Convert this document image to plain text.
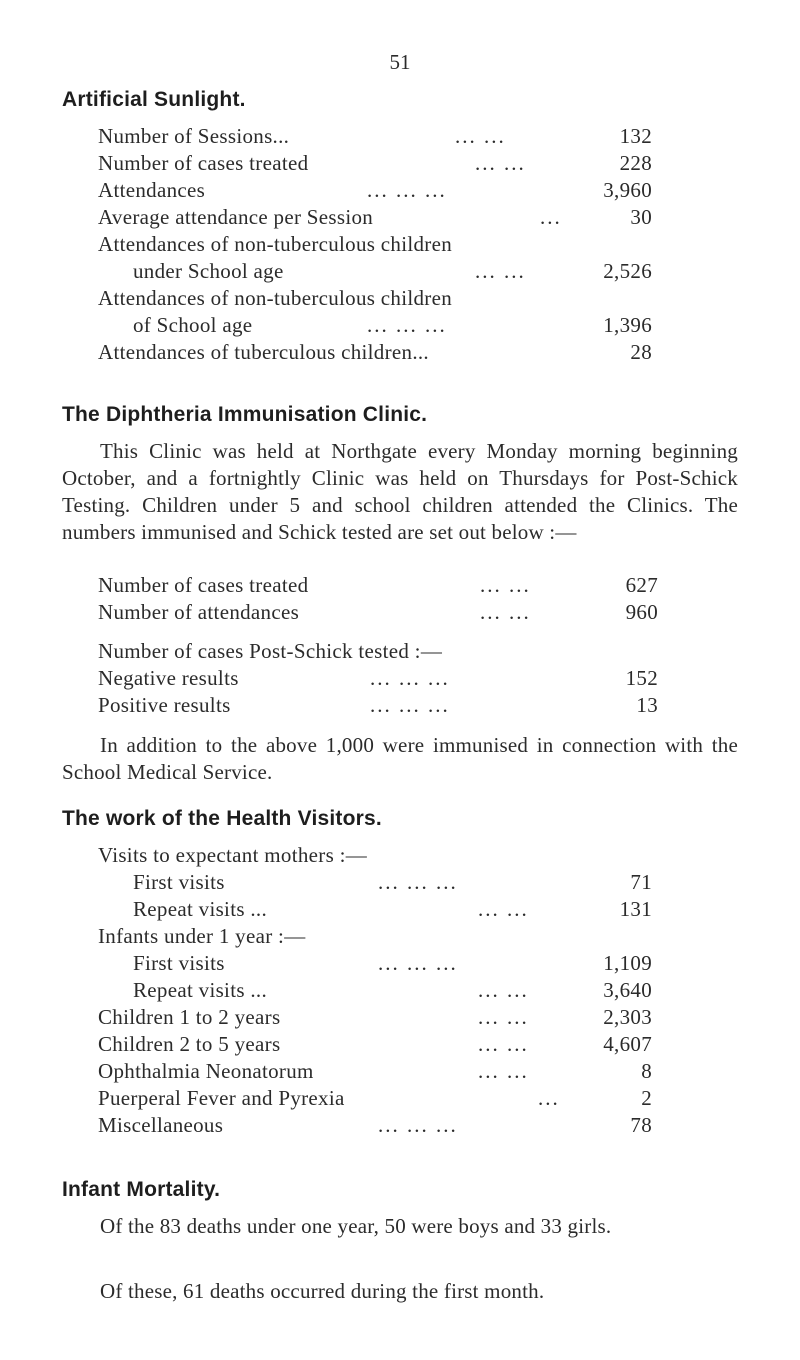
51
Artificial Sunlight.
Number of Sessions...	... ...	132
Number of cases treated	... ...	228
Attendances	... ... ...	3,960
Average attendance per Session	...	30
Attendances of non-tuberculous children
under School age	... ...	2,526
Attendances of non-tuberculous children
of School age	... ... ...	1,396
Attendances of tuberculous children...	28
The Diphtheria Immunisation Clinic.
This Clinic was held at Northgate every Monday morning beginning October, and a fortnightly Clinic was held on Thursdays for Post-Schick Testing. Children under 5 and school children attended the Clinics. The numbers immunised and Schick tested are set out below :—
Number of cases treated	... ...	627
Number of attendances	... ...	960
Number of cases Post-Schick tested :—
Negative results	... ... ...	152
Positive results	... ... ...	13
In addition to the above 1,000 were immunised in connection with the School Medical Service.
The work of the Health Visitors.
Visits to expectant mothers :—
First visits	... ... ...	71
Repeat visits ...	... ...	131
Infants under 1 year :—
First visits	... ... ...	1,109
Repeat visits ...	... ...	3,640
Children 1 to 2 years	... ...	2,303
Children 2 to 5 years	... ...	4,607
Ophthalmia Neonatorum	... ...	8
Puerperal Fever and Pyrexia	...	2
Miscellaneous	... ... ...	78
Infant Mortality.
Of the 83 deaths under one year, 50 were boys and 33 girls.
Of these, 61 deaths occurred during the first month.
